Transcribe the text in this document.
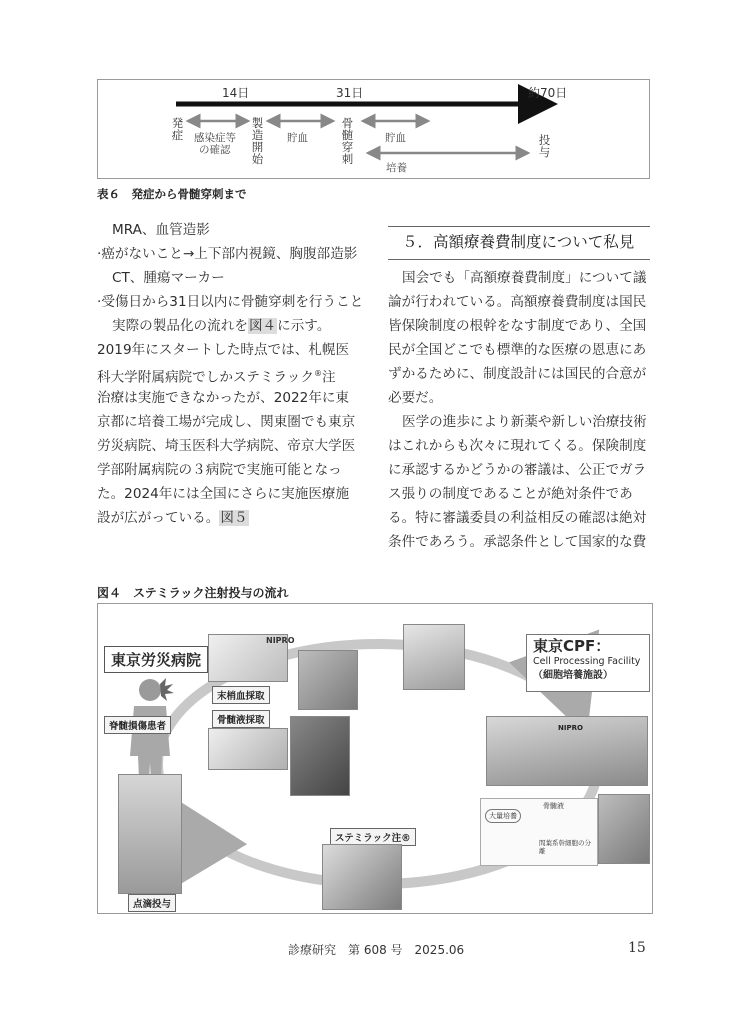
14日	31日	約70日
発症 感染症等
の確認
製造開始
貯血
骨髄穿刺
貯血
培養
投与
表６　発症から骨髄穿刺まで
MRA、血管造影
·癌がないこと→上下部内視鏡、胸腹部造影
CT、腫瘍マーカー
·受傷日から31日以内に骨髄穿刺を行うこと
実際の製品化の流れを図４に示す。
2019年にスタートした時点では、札幌医
科大学附属病院でしかステミラック®注
治療は実施できなかったが、2022年に東
京都に培養工場が完成し、関東圏でも東京
労災病院、埼玉医科大学病院、帝京大学医
学部附属病院の３病院で実施可能となっ
た。2024年には全国にさらに実施医療施
設が広がっている。図５
５．高額療養費制度について私見
国会でも「高額療養費制度」について議
論が行われている。高額療養費制度は国民
皆保険制度の根幹をなす制度であり、全国
民が全国どこでも標準的な医療の恩恵にあ
ずかるために、制度設計には国民的合意が
必要だ。
医学の進歩により新薬や新しい治療技術
はこれからも次々に現れてくる。保険制度
に承認するかどうかの審議は、公正でガラ
ス張りの制度であることが絶対条件であ
る。特に審議委員の利益相反の確認は絶対
条件であろう。承認条件として国家的な費
図４　ステミラック注射投与の流れ
東京労災病院
脊髄損傷患者
NIPRO
末梢血採取
骨髄液採取
東京CPF：
Cell Processing Facility
（細胞培養施設）
NIPRO
大量培養
骨髄液
間葉系幹細胞の分離
ステミラック注®
点滴投与
診療研究　第 608 号　2025.06	15
